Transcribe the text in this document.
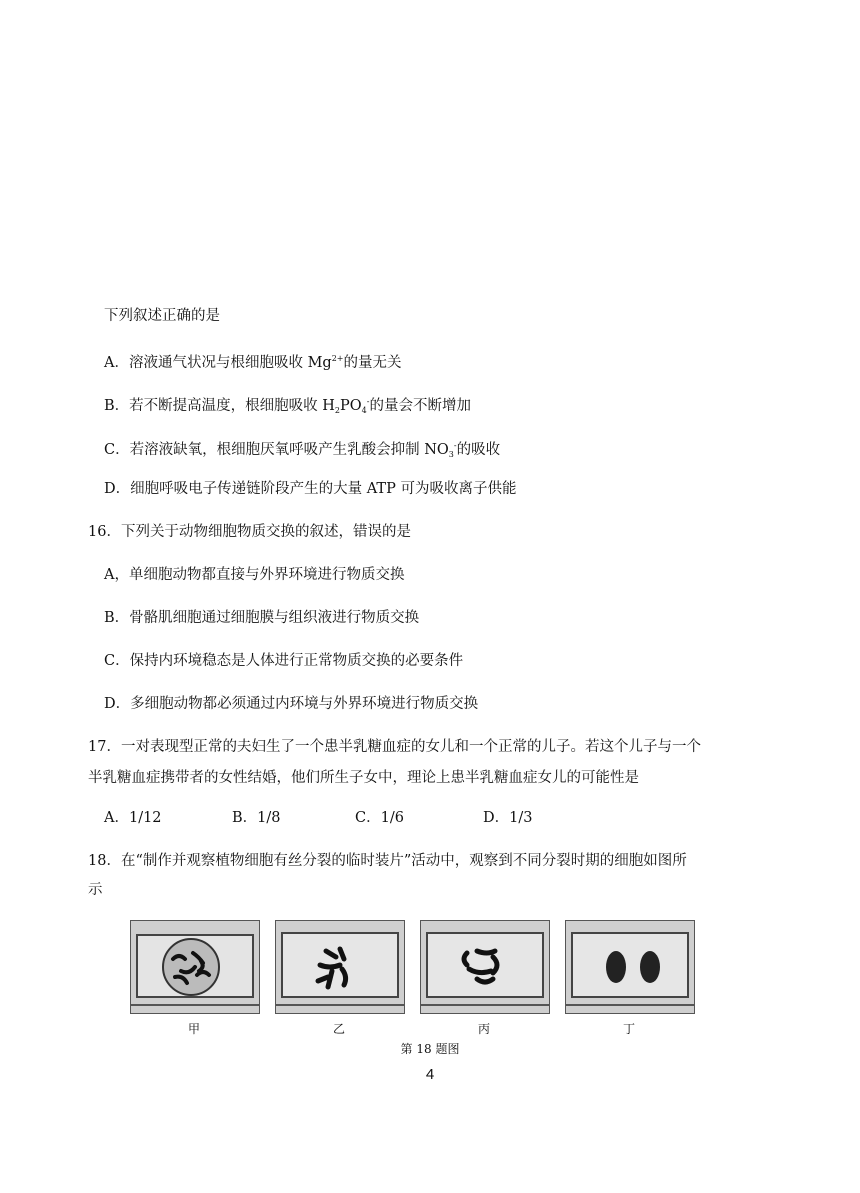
下列叙述正确的是
A．溶液通气状况与根细胞吸收 $Mg^{2+}$的量无关
B．若不断提高温度，根细胞吸收 $H_2PO_4^-$的量会不断增加
C．若溶液缺氧，根细胞厌氧呼吸产生乳酸会抑制 $NO_3^-$的吸收
D．细胞呼吸电子传递链阶段产生的大量 ATP 可为吸收离子供能
16．下列关于动物细胞物质交换的叙述，错误的是
A，单细胞动物都直接与外界环境进行物质交换
B．骨骼肌细胞通过细胞膜与组织液进行物质交换
C．保持内环境稳态是人体进行正常物质交换的必要条件
D．多细胞动物都必须通过内环境与外界环境进行物质交换
17．一对表现型正常的夫妇生了一个患半乳糖血症的女儿和一个正常的儿子。若这个儿子与一个
半乳糖血症携带者的女性结婚，他们所生子女中，理论上患半乳糖血症女儿的可能性是
A．1/12	B．1/8	C．1/6	D．1/3
18．在“制作并观察植物细胞有丝分裂的临时装片”活动中，观察到不同分裂时期的细胞如图所
示
甲	乙	丙	丁
第 18 题图
4
